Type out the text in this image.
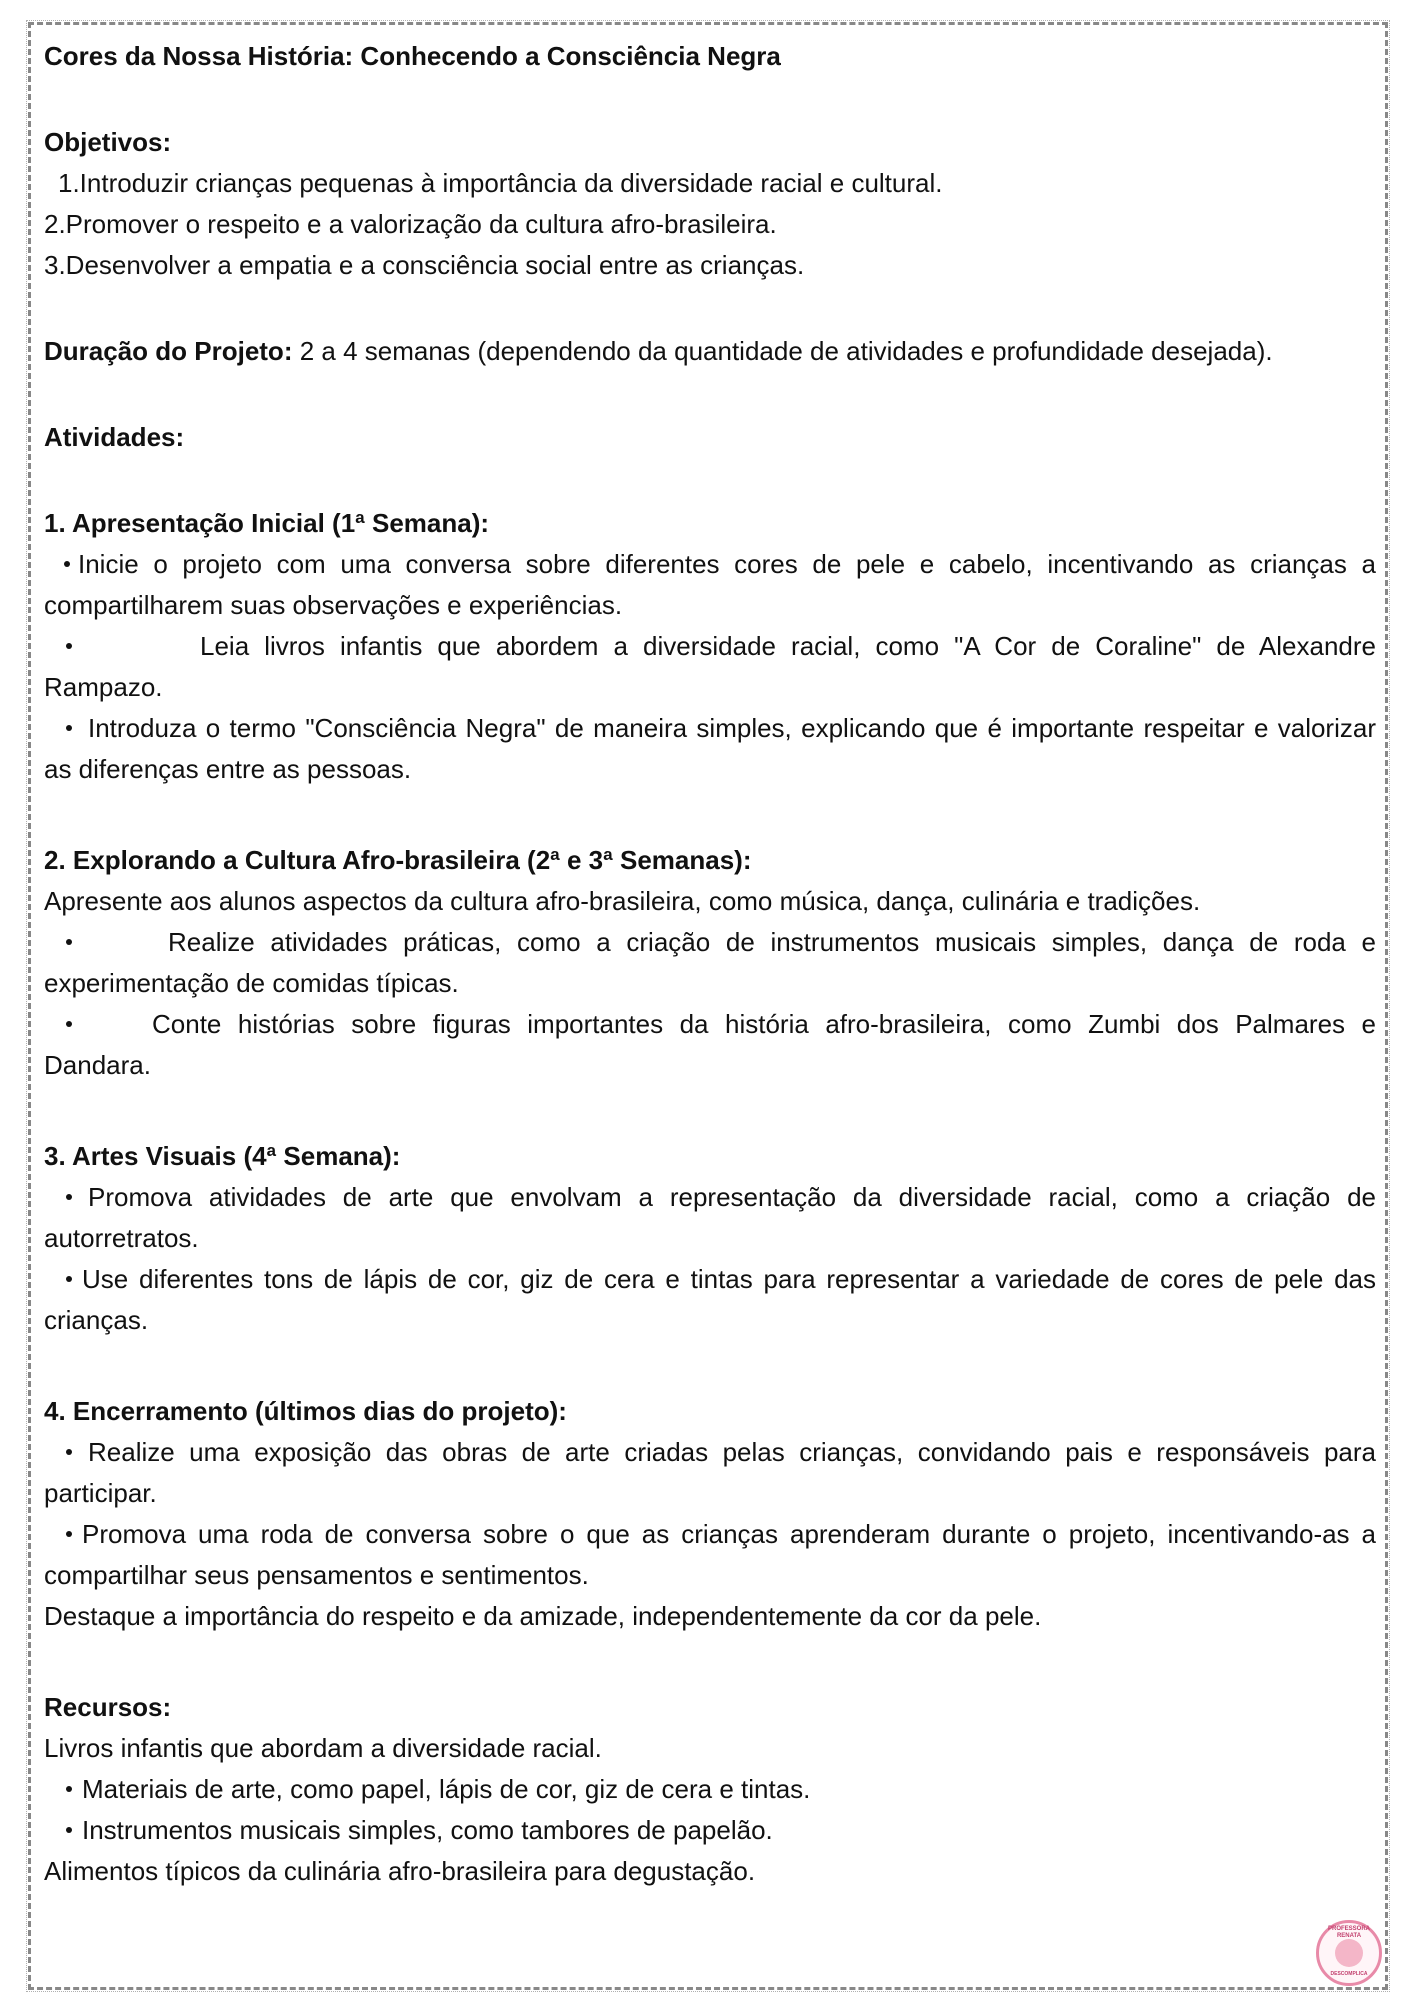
Cores da Nossa História: Conhecendo a Consciência Negra

Objetivos:

1.Introduzir crianças pequenas à importância da diversidade racial e cultural.

2.Promover o respeito e a valorização da cultura afro-brasileira.

3.Desenvolver a empatia e a consciência social entre as crianças.

Duração do Projeto: 2 a 4 semanas (dependendo da quantidade de atividades e profundidade desejada).

Atividades:

1. Apresentação Inicial (1ª Semana):

Inicie o projeto com uma conversa sobre diferentes cores de pele e cabelo, incentivando as crianças a compartilharem suas observações e experiências.

Leia livros infantis que abordem a diversidade racial, como "A Cor de Coraline" de Alexandre Rampazo.

Introduza o termo "Consciência Negra" de maneira simples, explicando que é importante respeitar e valorizar as diferenças entre as pessoas.

2. Explorando a Cultura Afro-brasileira (2ª e 3ª Semanas):

Apresente aos alunos aspectos da cultura afro-brasileira, como música, dança, culinária e tradições.

Realize atividades práticas, como a criação de instrumentos musicais simples, dança de roda e experimentação de comidas típicas.

Conte histórias sobre figuras importantes da história afro-brasileira, como Zumbi dos Palmares e Dandara.

3. Artes Visuais (4ª Semana):

Promova atividades de arte que envolvam a representação da diversidade racial, como a criação de autorretratos.

Use diferentes tons de lápis de cor, giz de cera e tintas para representar a variedade de cores de pele das crianças.

4. Encerramento (últimos dias do projeto):

Realize uma exposição das obras de arte criadas pelas crianças, convidando pais e responsáveis para participar.

Promova uma roda de conversa sobre o que as crianças aprenderam durante o projeto, incentivando-as a compartilhar seus pensamentos e sentimentos.

Destaque a importância do respeito e da amizade, independentemente da cor da pele.

Recursos:

Livros infantis que abordam a diversidade racial.

Materiais de arte, como papel, lápis de cor, giz de cera e tintas.

Instrumentos musicais simples, como tambores de papelão.

Alimentos típicos da culinária afro-brasileira para degustação.

PROFESSORA RENATA
DESCOMPLICA
